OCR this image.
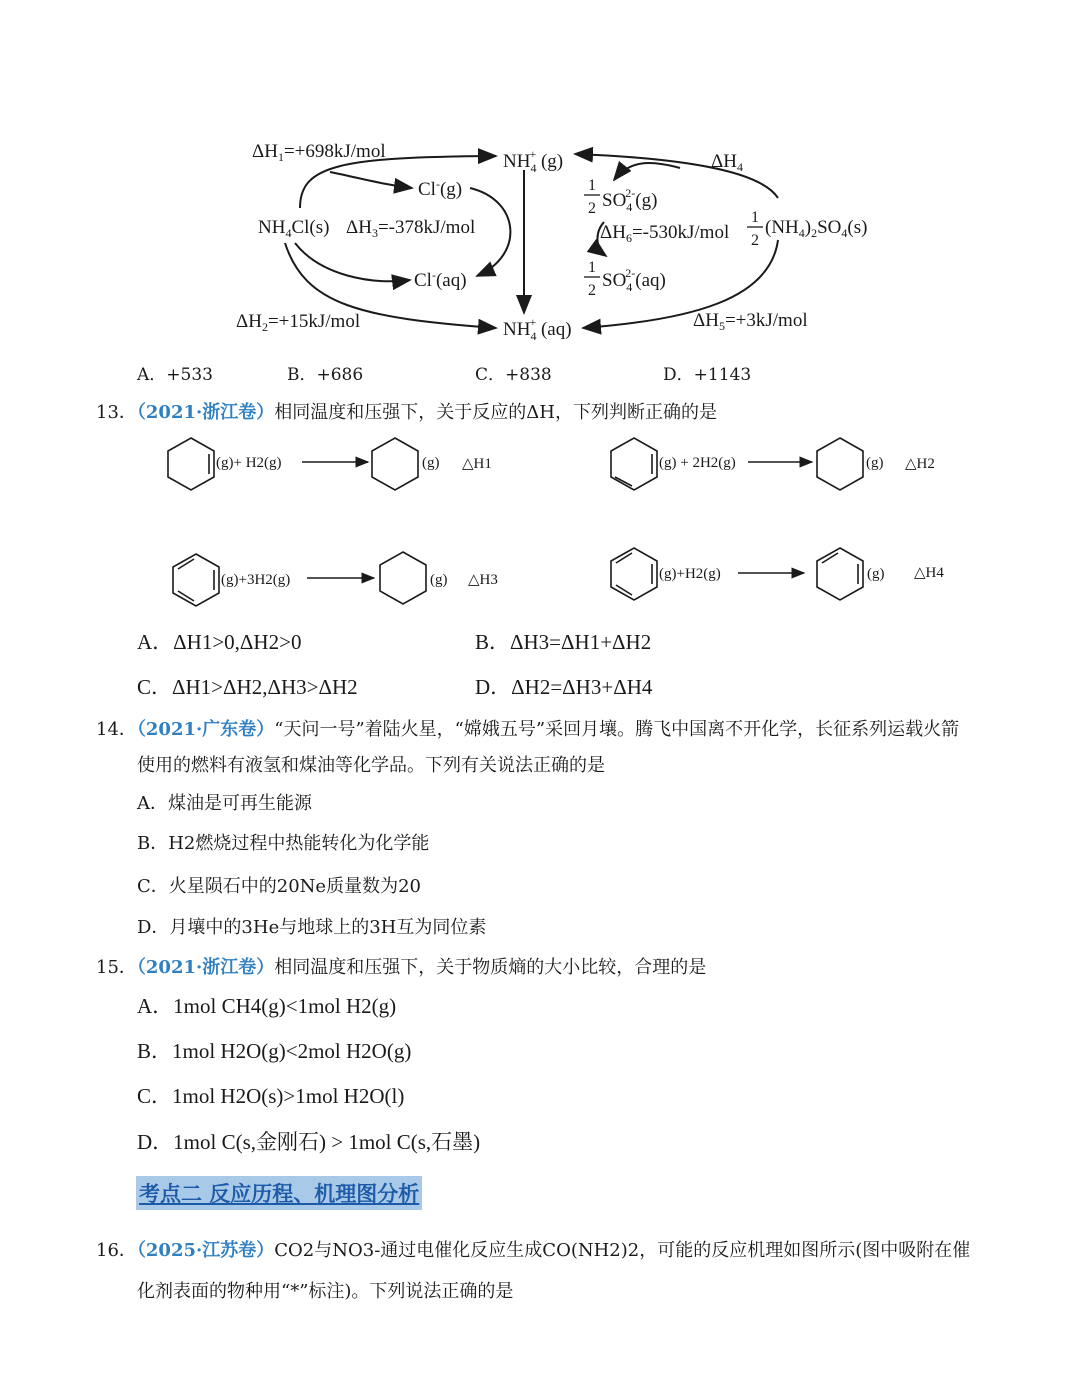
$\Delta H_1=+698kJ$/mol
$NH_4Cl(s)$ $\Delta H_3=-378kJ$/mol
Cl-(g)
Cl-(aq)
$\Delta H_2=+15kJ$/mol
$NH_4+ (g)$
$NH_4+ (aq)$
$\Delta H_4$
1
2 $SO_42-(g)$
$\Delta H_6=-530kJ$/mol
1
2
$(NH_4)_2SO_4(s)$
1
2 $SO_42-(aq)$
$\Delta H_5=+3kJ$/mol
A．+533	B．+686	C．+838	D．+1143
13．（2021·浙江卷）相同温度和压强下，关于反应的ΔH，下列判断正确的是
(g)+ H2(g)	(g) △H1	(g) + 2H2(g)	(g) △H2
(g)+3H2(g)	(g) △H3	(g)+H2(g)	(g) △H4
A．ΔH1>0,ΔH2>0	B．ΔH3=ΔH1+ΔH2
C．ΔH1>ΔH2,ΔH3>ΔH2	D．ΔH2=ΔH3+ΔH4
14．（2021·广东卷）“天问一号”着陆火星，“嫦娥五号”采回月壤。腾飞中国离不开化学，长征系列运载火箭
使用的燃料有液氢和煤油等化学品。下列有关说法正确的是
A．煤油是可再生能源
B．H2燃烧过程中热能转化为化学能
C．火星陨石中的20Ne质量数为20
D．月壤中的3He与地球上的3H互为同位素
15．（2021·浙江卷）相同温度和压强下，关于物质熵的大小比较，合理的是
A．1mol CH4(g)<1mol H2(g)
B．1mol H2O(g)<2mol H2O(g)
C．1mol H2O(s)>1mol H2O(l)
D．1mol C(s,金刚石) > 1mol C(s,石墨)
考点二 反应历程、机理图分析
16．（2025·江苏卷）CO2与NO3-通过电催化反应生成CO(NH2)2，可能的反应机理如图所示(图中吸附在催
化剂表面的物种用“*”标注)。下列说法正确的是
